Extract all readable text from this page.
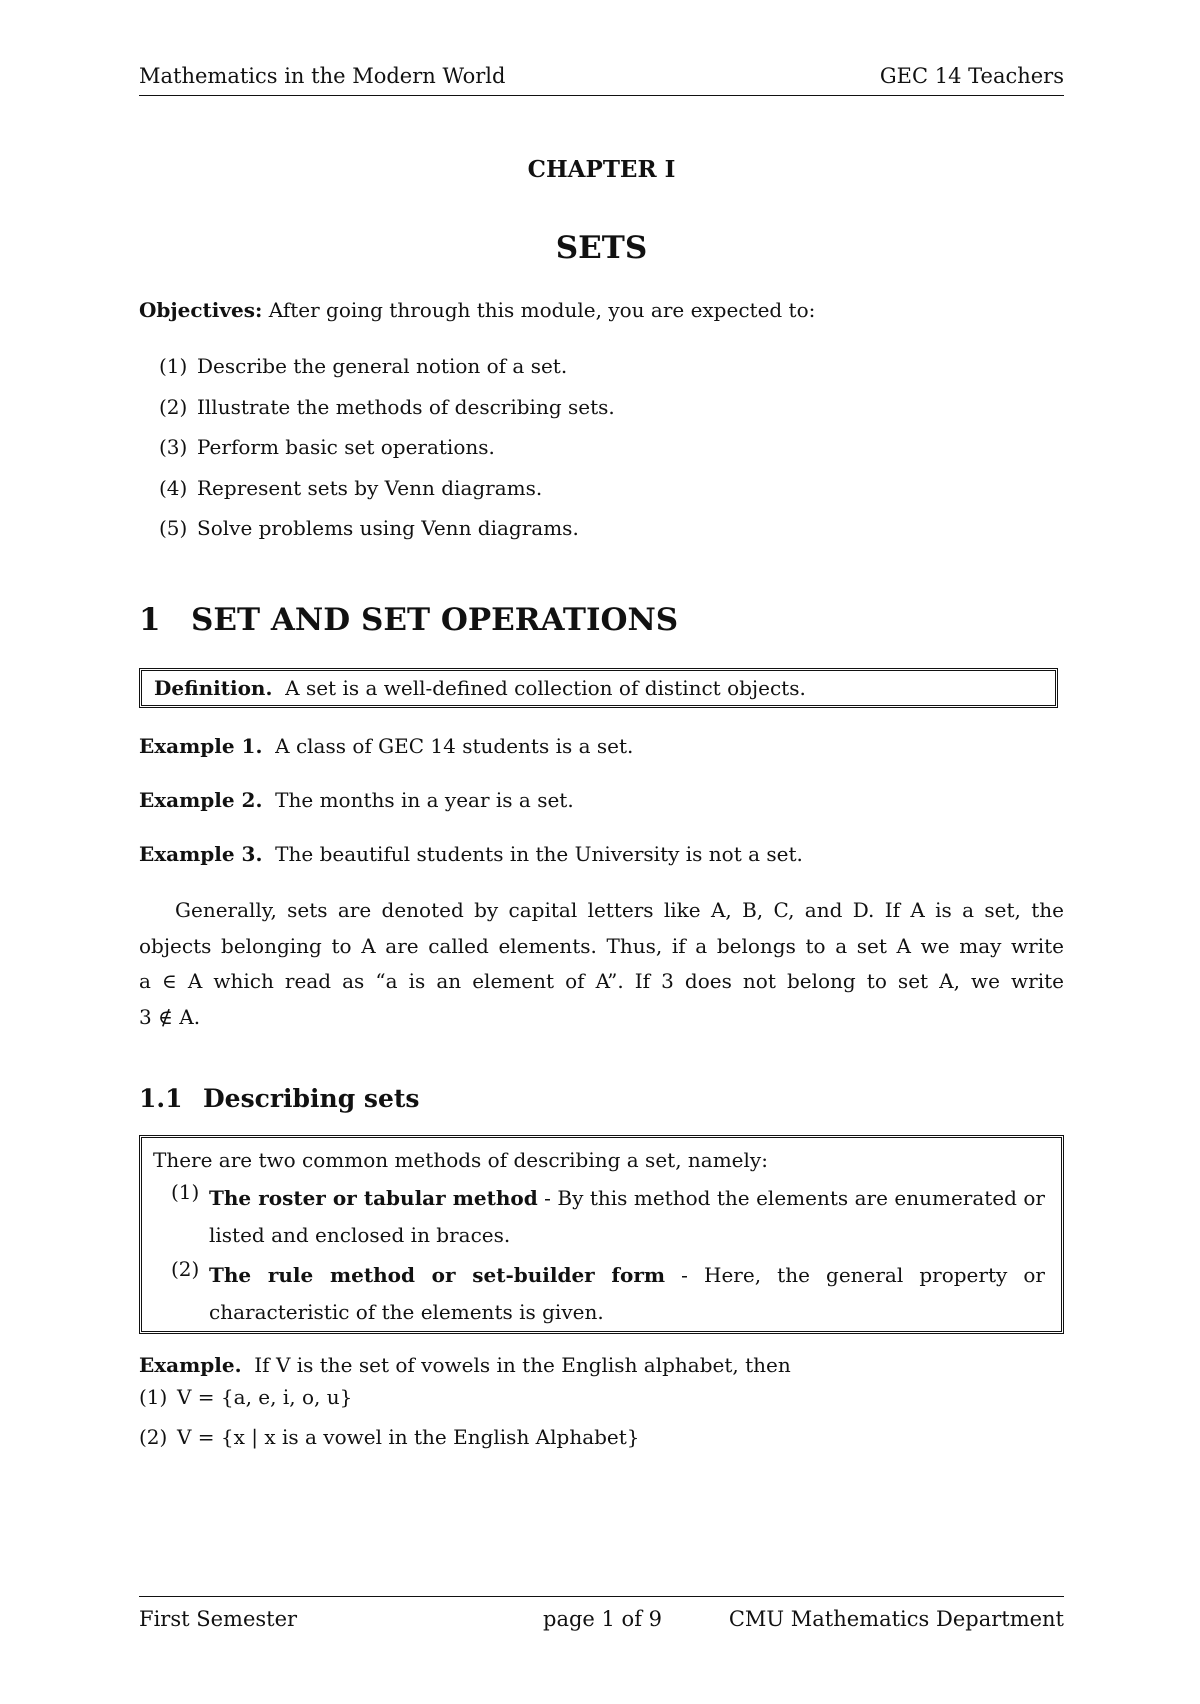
Mathematics in the Modern World	GEC 14 Teachers
CHAPTER I
SETS
Objectives: After going through this module, you are expected to:
(1) Describe the general notion of a set.
(2) Illustrate the methods of describing sets.
(3) Perform basic set operations.
(4) Represent sets by Venn diagrams.
(5) Solve problems using Venn diagrams.
1 SET AND SET OPERATIONS
Definition.
A set is a well-defined collection of distinct objects.
Example 1. A class of GEC 14 students is a set.
Example 2. The months in a year is a set.
Example 3. The beautiful students in the University is not a set.
Generally, sets are denoted by capital letters like A, B, C, and D. If A is a set, the
objects belonging to A are called elements. Thus, if a belongs to a set A we may write
a ∈ A which read as “a is an element of A”. If 3 does not belong to set A, we write
3 ∉ A.
1.1 Describing sets
There are two common methods of describing a set, namely:
(1) The roster or tabular method - By this method the elements are enumerated or
listed and enclosed in braces.
(2) The rule method or set-builder form - Here, the general property or
characteristic of the elements is given.
Example. If V is the set of vowels in the English alphabet, then
(1) V = {a, e, i, o, u}
(2) V = {x | x is a vowel in the English Alphabet}
First Semester	page 1 of 9	CMU Mathematics Department
